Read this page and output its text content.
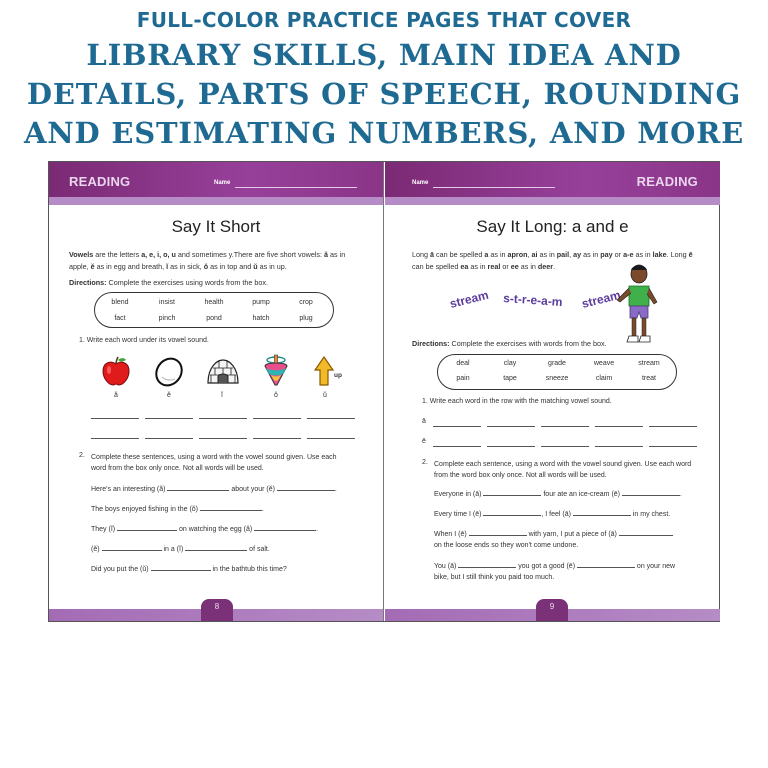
FULL-COLOR PRACTICE PAGES THAT COVER
LIBRARY SKILLS, MAIN IDEA AND
DETAILS, PARTS OF SPEECH, ROUNDING
AND ESTIMATING NUMBERS, AND MORE
READING	Name
Say It Short
Vowels are the letters a, e, i, o, u and sometimes y.There are five short vowels: ă as in
apple, ĕ as in egg and breath, ĭ as in sick, ŏ as in top and ŭ as in up.
Directions: Complete the exercises using words from the box.
blend	insist	health	pump	crop
fact	pinch	pond	hatch	plug
1. Write each word under its vowel sound.
up
ă	ĕ	ĭ	ŏ	ŭ
2. Complete these sentences, using a word with the vowel sound given. Use each
word from the box only once. Not all words will be used.
Here's an interesting (ă)	about your (ĕ)	.
The boys enjoyed fishing in the (ŏ)	.
They (ĭ)	on watching the egg (ă)	.
(ĕ)	in a (ĭ)	of salt.
Did you put the (ŭ)	in the bathtub this time?
8
READING
Name
Say It Long: a and e
Long ā can be spelled a as in apron, ai as in pail, ay as in pay or a-e as in lake. Long ē
can be spelled ea as in real or ee as in deer.
stream s-t-r-e-a-m stream
Directions: Complete the exercises with words from the box.
deal	clay	grade	weave	stream
pain	tape	sneeze	claim	treat
1. Write each word in the row with the matching vowel sound.
ā
ē
2. Complete each sentence, using a word with the vowel sound given. Use each word
from the word box only once. Not all words will be used.
Everyone in (ā)	four ate an ice-cream (ē)	.
Every time I (ē)	, I feel (ā)	in my chest.
When I (ē)	with yarn, I put a piece of (ā)
on the loose ends so they won't come undone.
You (ā)	you got a good (ē)	on your new
bike, but I still think you paid too much.
9
